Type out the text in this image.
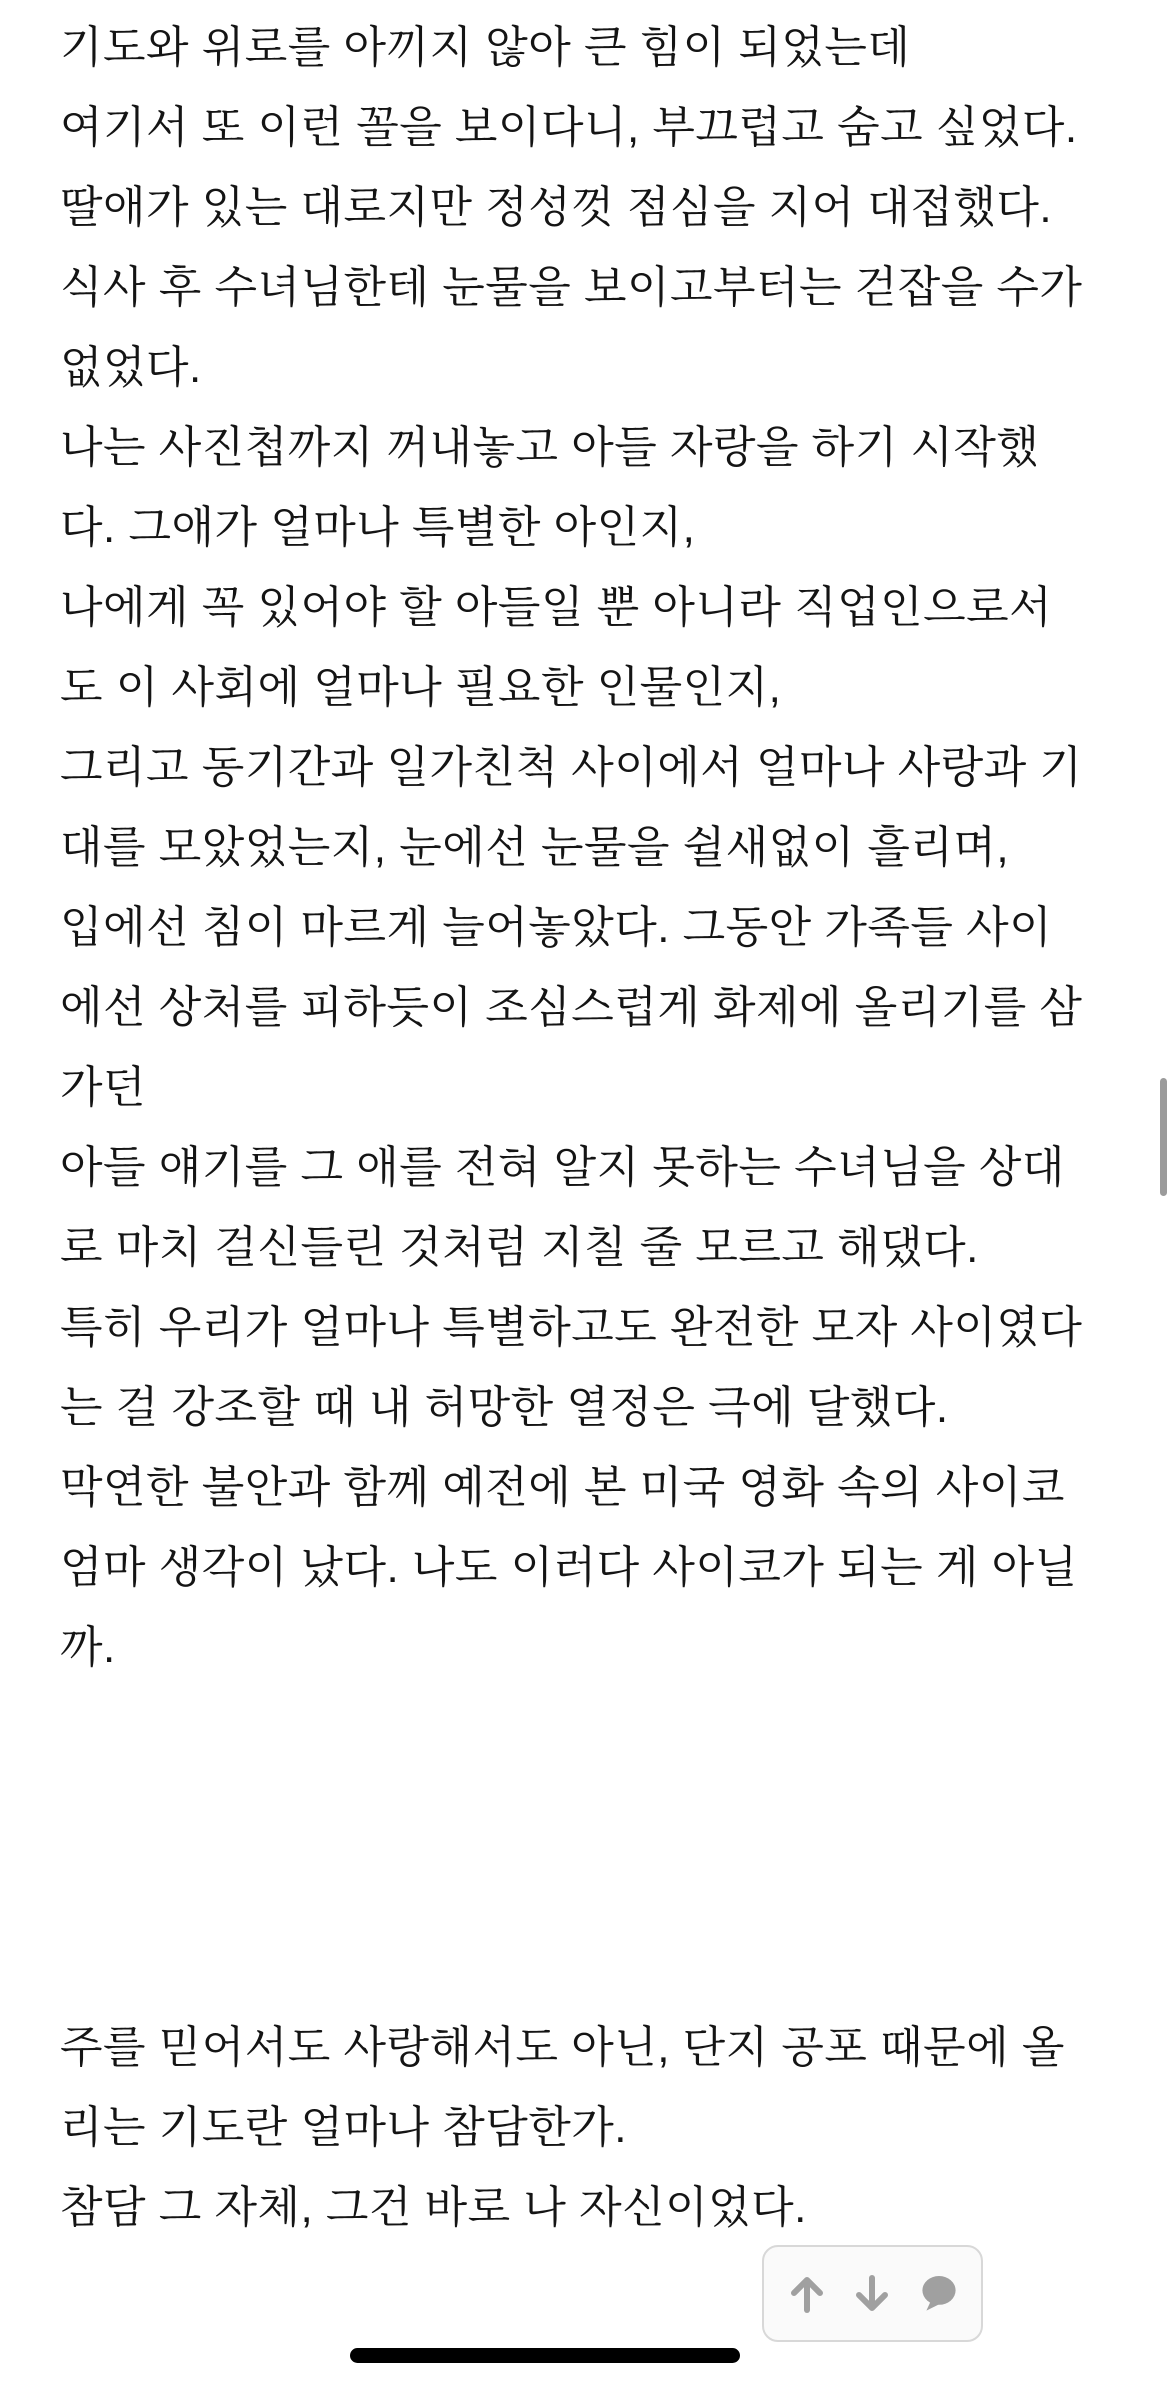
기도와 위로를 아끼지 않아 큰 힘이 되었는데
여기서 또 이런 꼴을 보이다니, 부끄럽고 숨고 싶었다.
딸애가 있는 대로지만 정성껏 점심을 지어 대접했다.
식사 후 수녀님한테 눈물을 보이고부터는 걷잡을 수가
없었다.
나는 사진첩까지 꺼내놓고 아들 자랑을 하기 시작했
다. 그애가 얼마나 특별한 아인지,
나에게 꼭 있어야 할 아들일 뿐 아니라 직업인으로서
도 이 사회에 얼마나 필요한 인물인지,
그리고 동기간과 일가친척 사이에서 얼마나 사랑과 기
대를 모았었는지, 눈에선 눈물을 쉴새없이 흘리며,
입에선 침이 마르게 늘어놓았다. 그동안 가족들 사이
에선 상처를 피하듯이 조심스럽게 화제에 올리기를 삼
가던
아들 얘기를 그 애를 전혀 알지 못하는 수녀님을 상대
로 마치 걸신들린 것처럼 지칠 줄 모르고 해댔다.
특히 우리가 얼마나 특별하고도 완전한 모자 사이였다
는 걸 강조할 때 내 허망한 열정은 극에 달했다.
막연한 불안과 함께 예전에 본 미국 영화 속의 사이코
엄마 생각이 났다. 나도 이러다 사이코가 되는 게 아닐
까.

주를 믿어서도 사랑해서도 아닌, 단지 공포 때문에 올
리는 기도란 얼마나 참담한가.
참담 그 자체, 그건 바로 나 자신이었다.
